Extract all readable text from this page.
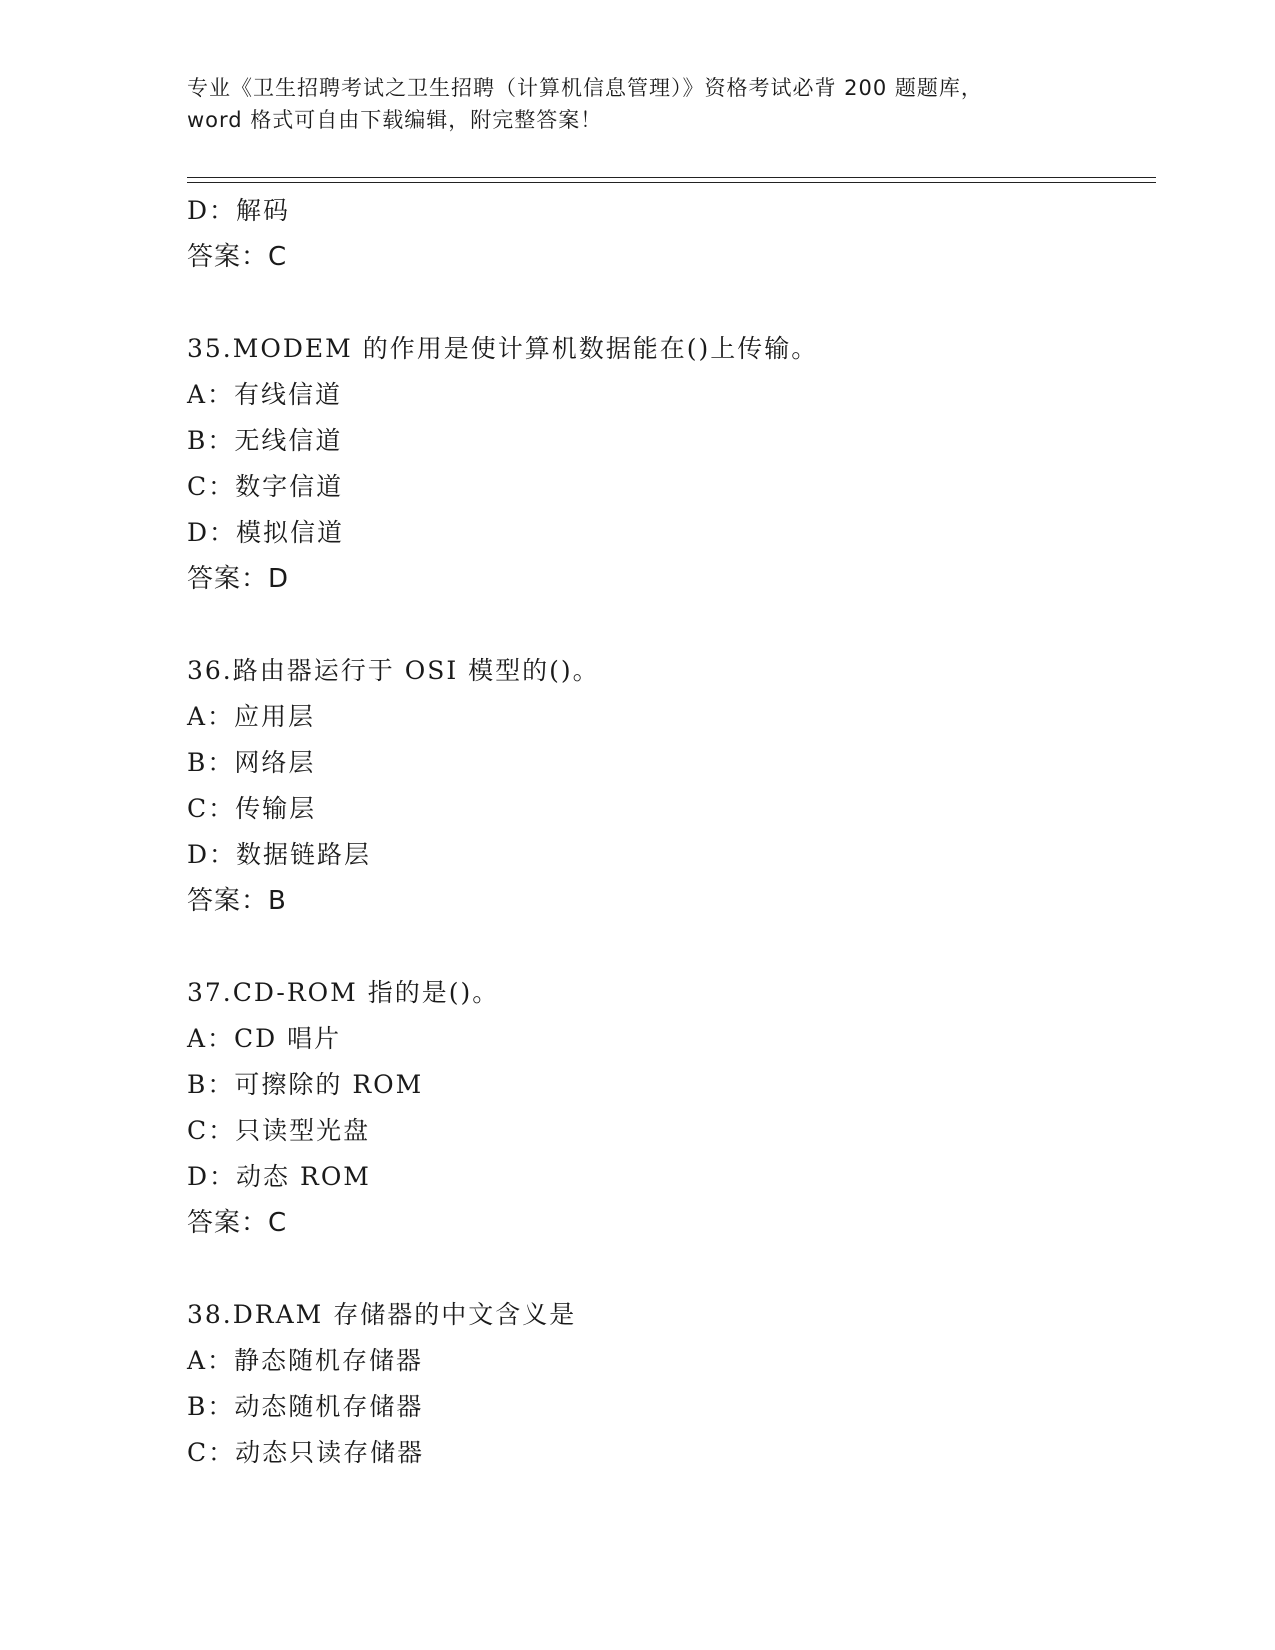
专业《卫生招聘考试之卫生招聘（计算机信息管理）》资格考试必背 200 题题库，
word 格式可自由下载编辑，附完整答案！
D：解码
答案：C
35.MODEM 的作用是使计算机数据能在()上传输。
A：有线信道
B：无线信道
C：数字信道
D：模拟信道
答案：D
36.路由器运行于 OSI 模型的()。
A：应用层
B：网络层
C：传输层
D：数据链路层
答案：B
37.CD-ROM 指的是()。
A：CD 唱片
B：可擦除的 ROM
C：只读型光盘
D：动态 ROM
答案：C
38.DRAM 存储器的中文含义是
A：静态随机存储器
B：动态随机存储器
C：动态只读存储器
